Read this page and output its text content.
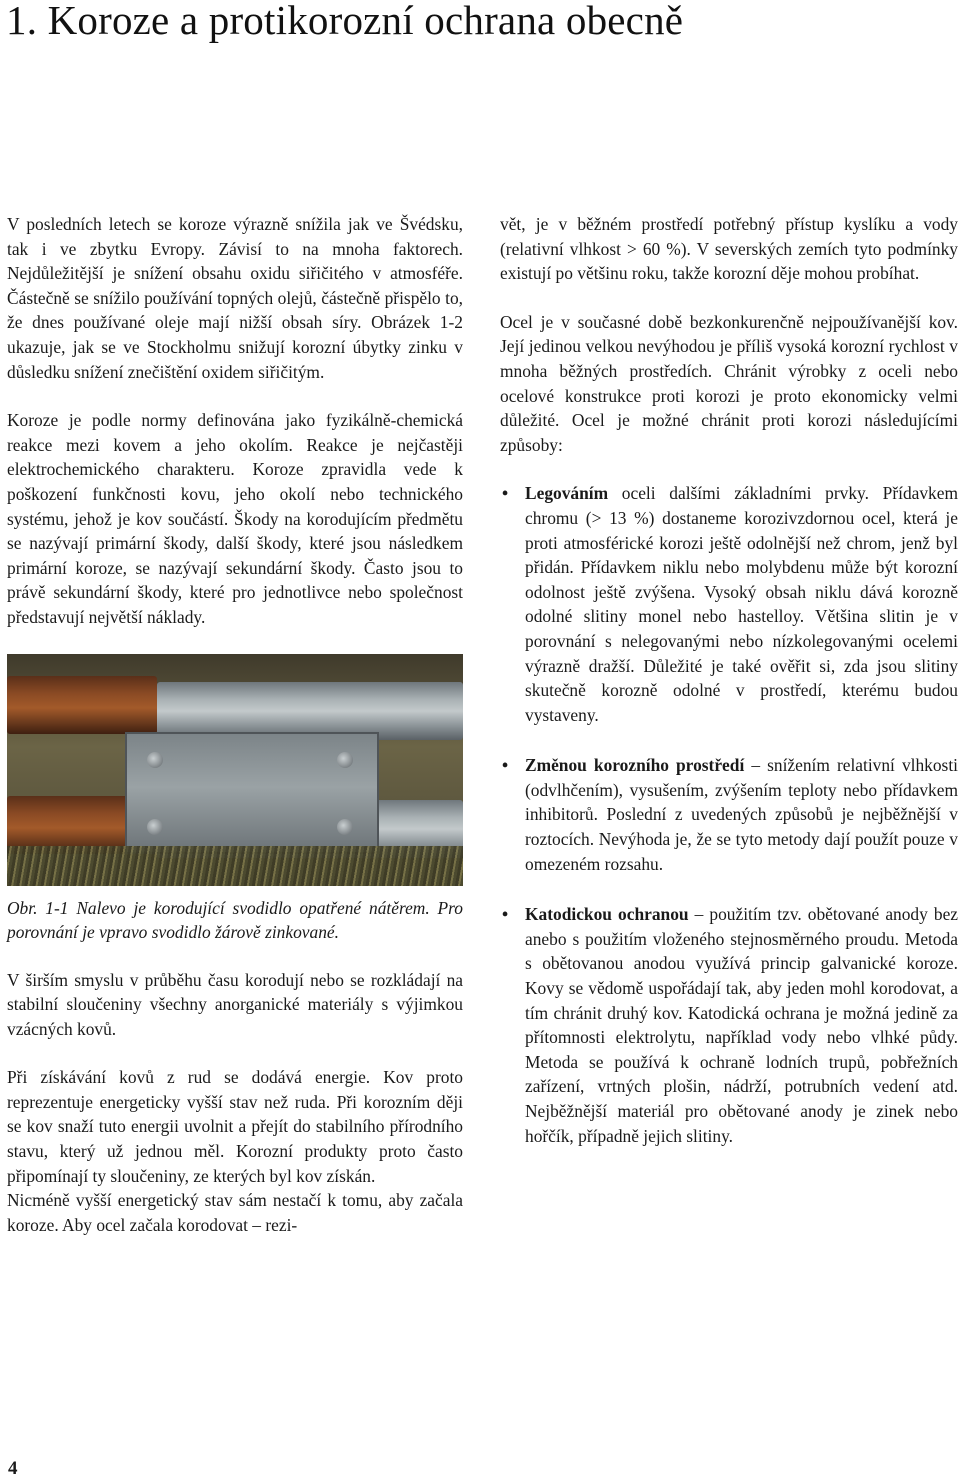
1. Koroze a protikorozní ochrana obecně

V posledních letech se koroze výrazně snížila jak ve Švédsku, tak i ve zbytku Evropy. Závisí to na mnoha faktorech. Nejdůležitější je snížení obsahu oxidu siřičitého v atmosféře. Částečně se snížilo používání topných olejů, částečně přispělo to, že dnes používané oleje mají nižší obsah síry. Obrázek 1-2 ukazuje, jak se ve Stockholmu snižují korozní úbytky zinku v důsledku snížení znečištění oxidem siřičitým.

Koroze je podle normy definována jako fyzikálně-chemická reakce mezi kovem a jeho okolím. Reakce je nejčastěji elektrochemického charakteru. Koroze zpravidla vede k poškození funkčnosti kovu, jeho okolí nebo technického systému, jehož je kov součástí. Škody na korodujícím předmětu se nazývají primární škody, další škody, které jsou následkem primární koroze, se nazývají sekundární škody. Často jsou to právě sekundární škody, které pro jednotlivce nebo společnost představují největší náklady.

Obr. 1-1 Nalevo je korodující svodidlo opatřené nátěrem. Pro porovnání je vpravo svodidlo žárově zinkované.

V širším smyslu v průběhu času korodují nebo se rozkládají na stabilní sloučeniny všechny anorganické materiály s výjimkou vzácných kovů.

Při získávání kovů z rud se dodává energie. Kov proto reprezentuje energeticky vyšší stav než ruda. Při korozním ději se kov snaží tuto energii uvolnit a přejít do stabilního přírodního stavu, který už jednou měl. Korozní produkty proto často připomínají ty sloučeniny, ze kterých byl kov získán.

Nicméně vyšší energetický stav sám nestačí k tomu, aby začala koroze. Aby ocel začala korodovat – rezi-

vět, je v běžném prostředí potřebný přístup kyslíku a vody (relativní vlhkost > 60 %). V severských zemích tyto podmínky existují po většinu roku, takže korozní děje mohou probíhat.

Ocel je v současné době bezkonkurenčně nejpoužívanější kov. Její jedinou velkou nevýhodou je příliš vysoká korozní rychlost v mnoha běžných prostředích. Chránit výrobky z oceli nebo ocelové konstrukce proti korozi je proto ekonomicky velmi důležité. Ocel je možné chránit proti korozi následujícími způsoby:

• Legováním oceli dalšími základními prvky. Přídavkem chromu (> 13 %) dostaneme korozivzdornou ocel, která je proti atmosférické korozi ještě odolnější než chrom, jenž byl přidán. Přídavkem niklu nebo molybdenu může být korozní odolnost ještě zvýšena. Vysoký obsah niklu dává korozně odolné slitiny monel nebo hastelloy. Většina slitin je v porovnání s nelegovanými nebo nízkolegovanými ocelemi výrazně dražší. Důležité je také ověřit si, zda jsou slitiny skutečně korozně odolné v prostředí, kterému budou vystaveny.
• Změnou korozního prostředí – snížením relativní vlhkosti (odvlhčením), vysušením, zvýšením teploty nebo přídavkem inhibitorů. Poslední z uvedených způsobů je nejběžnější v roztocích. Nevýhoda je, že se tyto metody dají použít pouze v omezeném rozsahu.
• Katodickou ochranou – použitím tzv. obětované anody bez anebo s použitím vloženého stejnosměrného proudu. Metoda s obětovanou anodou využívá princip galvanické koroze. Kovy se vědomě uspořádají tak, aby jeden mohl korodovat, a tím chránit druhý kov. Katodická ochrana je možná jedině za přítomnosti elektrolytu, například vody nebo vlhké půdy. Metoda se používá k ochraně lodních trupů, pobřežních zařízení, vrtných plošin, nádrží, potrubních vedení atd. Nejběžnější materiál pro obětované anody je zinek nebo hořčík, případně jejich slitiny.
4
